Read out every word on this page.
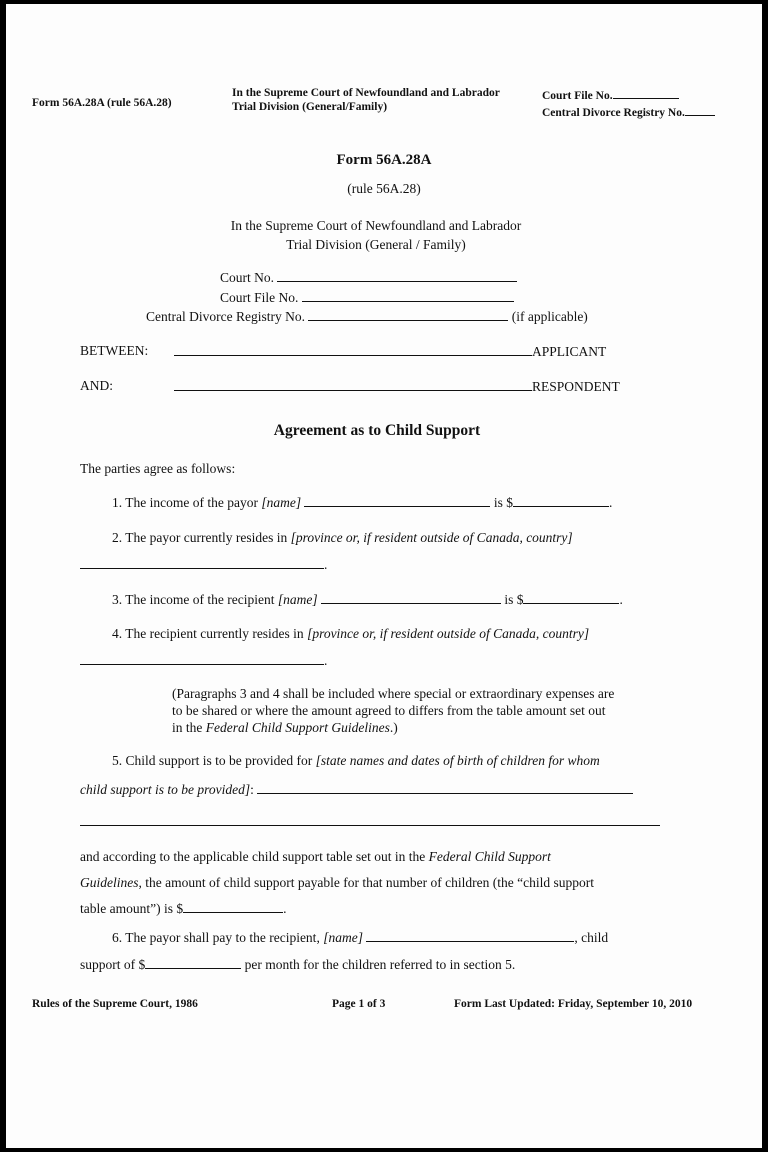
Form 56A.28A (rule 56A.28)
In the Supreme Court of Newfoundland and Labrador
Trial Division (General/Family)
Court File No.
Central Divorce Registry No.
Form 56A.28A
(rule 56A.28)
In the Supreme Court of Newfoundland and Labrador
Trial Division (General / Family)
Court No.
Court File No.
Central Divorce Registry No.	(if applicable)
BETWEEN:	APPLICANT
AND:	RESPONDENT
Agreement as to Child Support
The parties agree as follows:
1. The income of the payor [name]	is $	.
2. The payor currently resides in [province or, if resident outside of Canada, country]
.
3. The income of the recipient [name]	is $	.
4. The recipient currently resides in [province or, if resident outside of Canada, country]
.
(Paragraphs 3 and 4 shall be included where special or extraordinary expenses are
to be shared or where the amount agreed to differs from the table amount set out
in the Federal Child Support Guidelines.)
5. Child support is to be provided for [state names and dates of birth of children for whom
child support is to be provided]:
and according to the applicable child support table set out in the Federal Child Support
Guidelines, the amount of child support payable for that number of children (the “child support
table amount”) is $	.
6. The payor shall pay to the recipient, [name]	, child
support of $	per month for the children referred to in section 5.
Rules of the Supreme Court, 1986	Page 1 of 3	Form Last Updated: Friday, September 10, 2010
